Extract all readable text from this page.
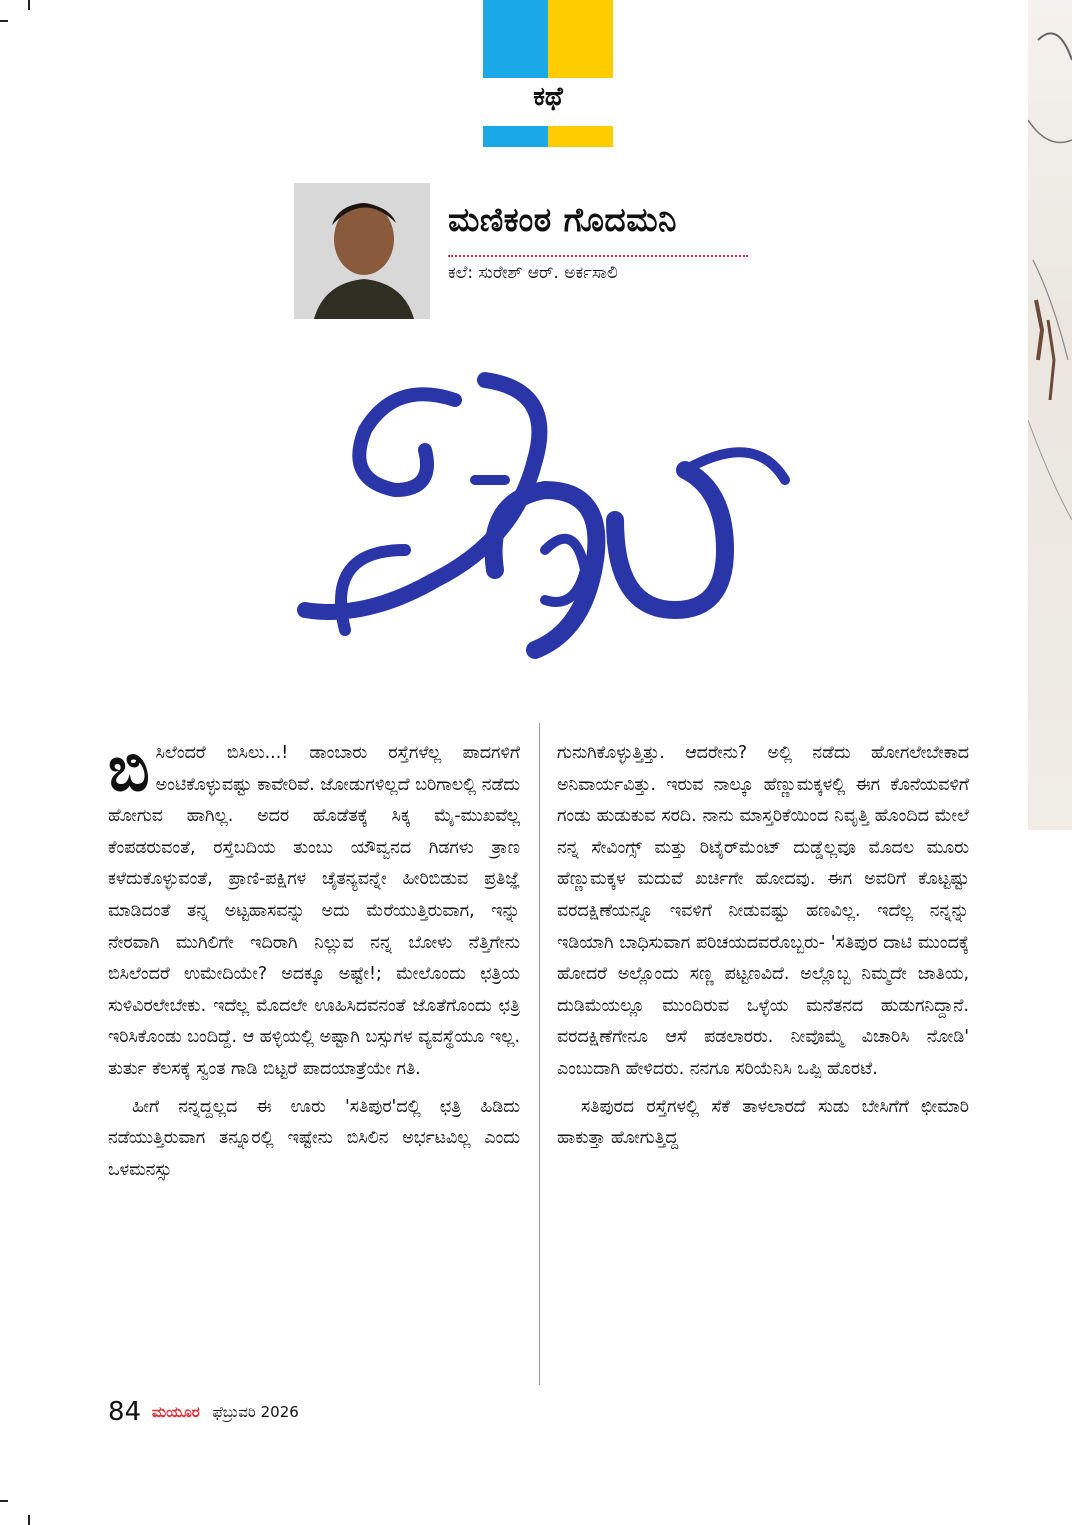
ಕಥೆ
ಮಣಿಕಂಠ ಗೊದಮನಿ
ಕಲೆ: ಸುರೇಶ್ ಆರ್. ಅರ್ಕಸಾಲಿ
ನೆರಳು

ಬಿಸಿಲೆಂದರೆ ಬಿಸಿಲು...! ಡಾಂಬಾರು ರಸ್ತೆಗಳೆಲ್ಲ ಪಾದಗಳಿಗೆ ಅಂಟಿಕೊಳ್ಳುವಷ್ಟು ಕಾವೇರಿವೆ. ಜೋಡುಗಳಿಲ್ಲದೆ ಬರಿಗಾಲಲ್ಲಿ ನಡೆದು ಹೋಗುವ ಹಾಗಿಲ್ಲ. ಅದರ ಹೊಡೆತಕ್ಕೆ ಸಿಕ್ಕ ಮೈ-ಮುಖವೆಲ್ಲ ಕೆಂಪಡರುವಂತೆ, ರಸ್ತೆಬದಿಯ ತುಂಬು ಯೌವ್ವನದ ಗಿಡಗಳು ತ್ರಾಣ ಕಳೆದುಕೊಳ್ಳುವಂತೆ, ಪ್ರಾಣಿ-ಪಕ್ಷಿಗಳ ಚೈತನ್ಯವನ್ನೇ ಹೀರಿಬಿಡುವ ಪ್ರತಿಜ್ಞೆ ಮಾಡಿದಂತೆ ತನ್ನ ಅಟ್ಟಹಾಸವನ್ನು ಅದು ಮೆರೆಯುತ್ತಿರುವಾಗ, ಇನ್ನು ನೇರವಾಗಿ ಮುಗಿಲಿಗೇ ಇದಿರಾಗಿ ನಿಲ್ಲುವ ನನ್ನ ಬೋಳು ನೆತ್ತಿಗೇನು ಬಿಸಿಲೆಂದರೆ ಉಮೇದಿಯೇ? ಅದಕ್ಕೂ ಅಷ್ಟೇ!; ಮೇಲೊಂದು ಛತ್ರಿಯ ಸುಳಿವಿರಲೇಬೇಕು. ಇದೆಲ್ಲ ಮೊದಲೇ ಊಹಿಸಿದವನಂತೆ ಜೊತೆಗೊಂದು ಛತ್ರಿ ಇರಿಸಿಕೊಂಡು ಬಂದಿದ್ದೆ. ಆ ಹಳ್ಳಿಯಲ್ಲಿ ಅಷ್ಟಾಗಿ ಬಸ್ಸುಗಳ ವ್ಯವಸ್ಥೆಯೂ ಇಲ್ಲ. ತುರ್ತು ಕೆಲಸಕ್ಕೆ ಸ್ವಂತ ಗಾಡಿ ಬಿಟ್ಟರೆ ಪಾದಯಾತ್ರೆಯೇ ಗತಿ.

ಹೀಗೆ ನನ್ನದ್ದಲ್ಲದ ಈ ಊರು 'ಸತಿಪುರ'ದಲ್ಲಿ ಛತ್ರಿ ಹಿಡಿದು ನಡೆಯುತ್ತಿರುವಾಗ ತನ್ನೂರಲ್ಲಿ ಇಷ್ಟೇನು ಬಿಸಿಲಿನ ಅರ್ಭಟವಿಲ್ಲ ಎಂದು ಒಳಮನಸ್ಸು

ಗುನುಗಿಕೊಳ್ಳುತ್ತಿತ್ತು. ಆದರೇನು? ಅಲ್ಲಿ ನಡೆದು ಹೋಗಲೇಬೇಕಾದ ಅನಿವಾರ್ಯವಿತ್ತು. ಇರುವ ನಾಲ್ಕೂ ಹೆಣ್ಣುಮಕ್ಕಳಲ್ಲಿ ಈಗ ಕೊನೆಯವಳಿಗೆ ಗಂಡು ಹುಡುಕುವ ಸರದಿ. ನಾನು ಮಾಸ್ತರಿಕೆಯಿಂದ ನಿವೃತ್ತಿ ಹೊಂದಿದ ಮೇಲೆ ನನ್ನ ಸೇವಿಂಗ್ಸ್ ಮತ್ತು ರಿಟೈರ್‌ಮೆಂಟ್ ದುಡ್ಡೆಲ್ಲವೂ ಮೊದಲ ಮೂರು ಹೆಣ್ಣುಮಕ್ಕಳ ಮದುವೆ ಖರ್ಚಿಗೇ ಹೋದವು. ಈಗ ಅವರಿಗೆ ಕೊಟ್ಟಷ್ಟು ವರದಕ್ಷಿಣೆಯನ್ನೂ ಇವಳಿಗೆ ನೀಡುವಷ್ಟು ಹಣವಿಲ್ಲ. ಇದೆಲ್ಲ ನನ್ನನ್ನು ಇಡಿಯಾಗಿ ಬಾಧಿಸುವಾಗ ಪರಿಚಯದವರೊಬ್ಬರು- 'ಸತಿಪುರ ದಾಟಿ ಮುಂದಕ್ಕೆ ಹೋದರೆ ಅಲ್ಲೊಂದು ಸಣ್ಣ ಪಟ್ಟಣವಿದೆ. ಅಲ್ಲೊಬ್ಬ ನಿಮ್ಮದೇ ಜಾತಿಯ, ದುಡಿಮೆಯಲ್ಲೂ ಮುಂದಿರುವ ಒಳ್ಳೆಯ ಮನೆತನದ ಹುಡುಗನಿದ್ದಾನೆ. ವರದಕ್ಷಿಣೆಗೇನೂ ಆಸೆ ಪಡಲಾರರು. ನೀವೊಮ್ಮೆ ವಿಚಾರಿಸಿ ನೋಡಿ' ಎಂಬುದಾಗಿ ಹೇಳಿದರು. ನನಗೂ ಸರಿಯೆನಿಸಿ ಒಪ್ಪಿ ಹೊರಟೆ.

ಸತಿಪುರದ ರಸ್ತೆಗಳಲ್ಲಿ ಸೆಕೆ ತಾಳಲಾರದೆ ಸುಡು ಬೇಸಿಗೆಗೆ ಛೀಮಾರಿ ಹಾಕುತ್ತಾ ಹೋಗುತ್ತಿದ್ದ

84 ಮಯೂರ ಫೆಬ್ರುವರಿ 2026
